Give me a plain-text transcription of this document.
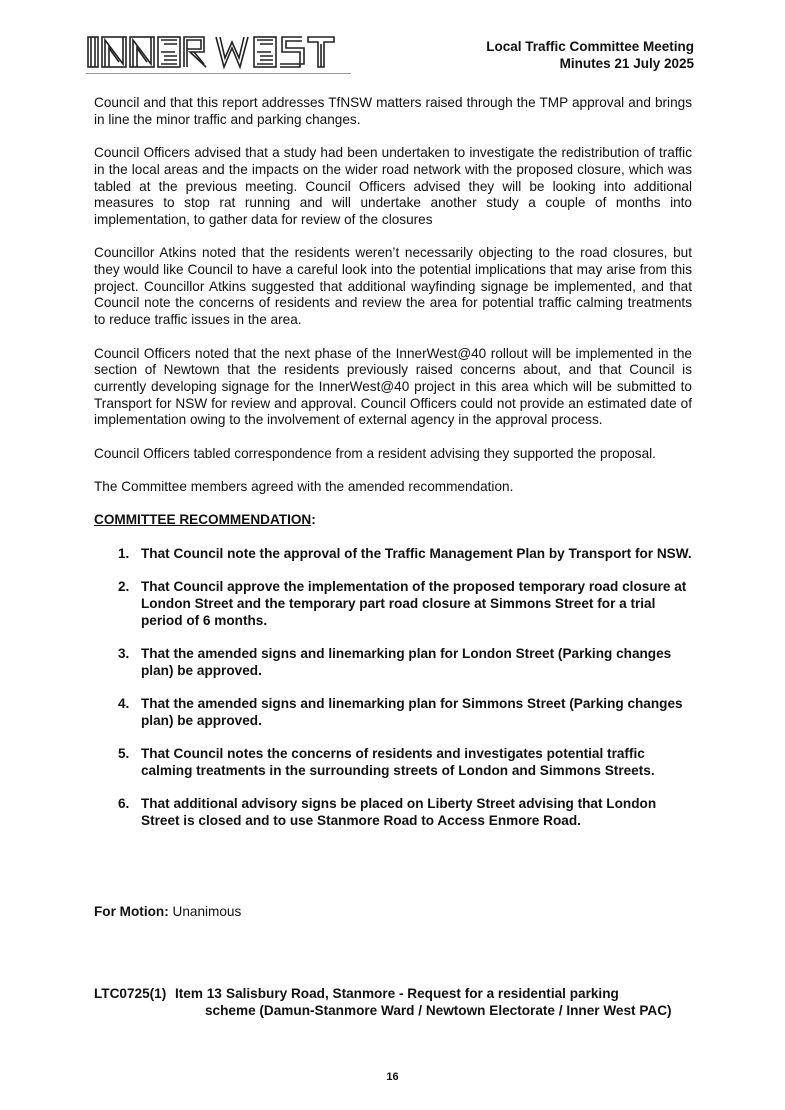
Local Traffic Committee Meeting
Minutes 21 July 2025

Council and that this report addresses TfNSW matters raised through the TMP approval and brings in line the minor traffic and parking changes.

Council Officers advised that a study had been undertaken to investigate the redistribution of traffic in the local areas and the impacts on the wider road network with the proposed closure, which was tabled at the previous meeting. Council Officers advised they will be looking into additional measures to stop rat running and will undertake another study a couple of months into implementation, to gather data for review of the closures

Councillor Atkins noted that the residents weren’t necessarily objecting to the road closures, but they would like Council to have a careful look into the potential implications that may arise from this project. Councillor Atkins suggested that additional wayfinding signage be implemented, and that Council note the concerns of residents and review the area for potential traffic calming treatments to reduce traffic issues in the area.

Council Officers noted that the next phase of the InnerWest@40 rollout will be implemented in the section of Newtown that the residents previously raised concerns about, and that Council is currently developing signage for the InnerWest@40 project in this area which will be submitted to Transport for NSW for review and approval. Council Officers could not provide an estimated date of implementation owing to the involvement of external agency in the approval process.

Council Officers tabled correspondence from a resident advising they supported the proposal.

The Committee members agreed with the amended recommendation.

COMMITTEE RECOMMENDATION:
1. That Council note the approval of the Traffic Management Plan by Transport for NSW.
2. That Council approve the implementation of the proposed temporary road closure at London Street and the temporary part road closure at Simmons Street for a trial period of 6 months.
3. That the amended signs and linemarking plan for London Street (Parking changes plan) be approved.
4. That the amended signs and linemarking plan for Simmons Street (Parking changes plan) be approved.
5. That Council notes the concerns of residents and investigates potential traffic calming treatments in the surrounding streets of London and Simmons Streets.
6. That additional advisory signs be placed on Liberty Street advising that London Street is closed and to use Stanmore Road to Access Enmore Road.
For Motion: Unanimous
LTC0725(1) Item 13 Salisbury Road, Stanmore - Request for a residential parking
scheme (Damun-Stanmore Ward / Newtown Electorate / Inner West PAC)
16
